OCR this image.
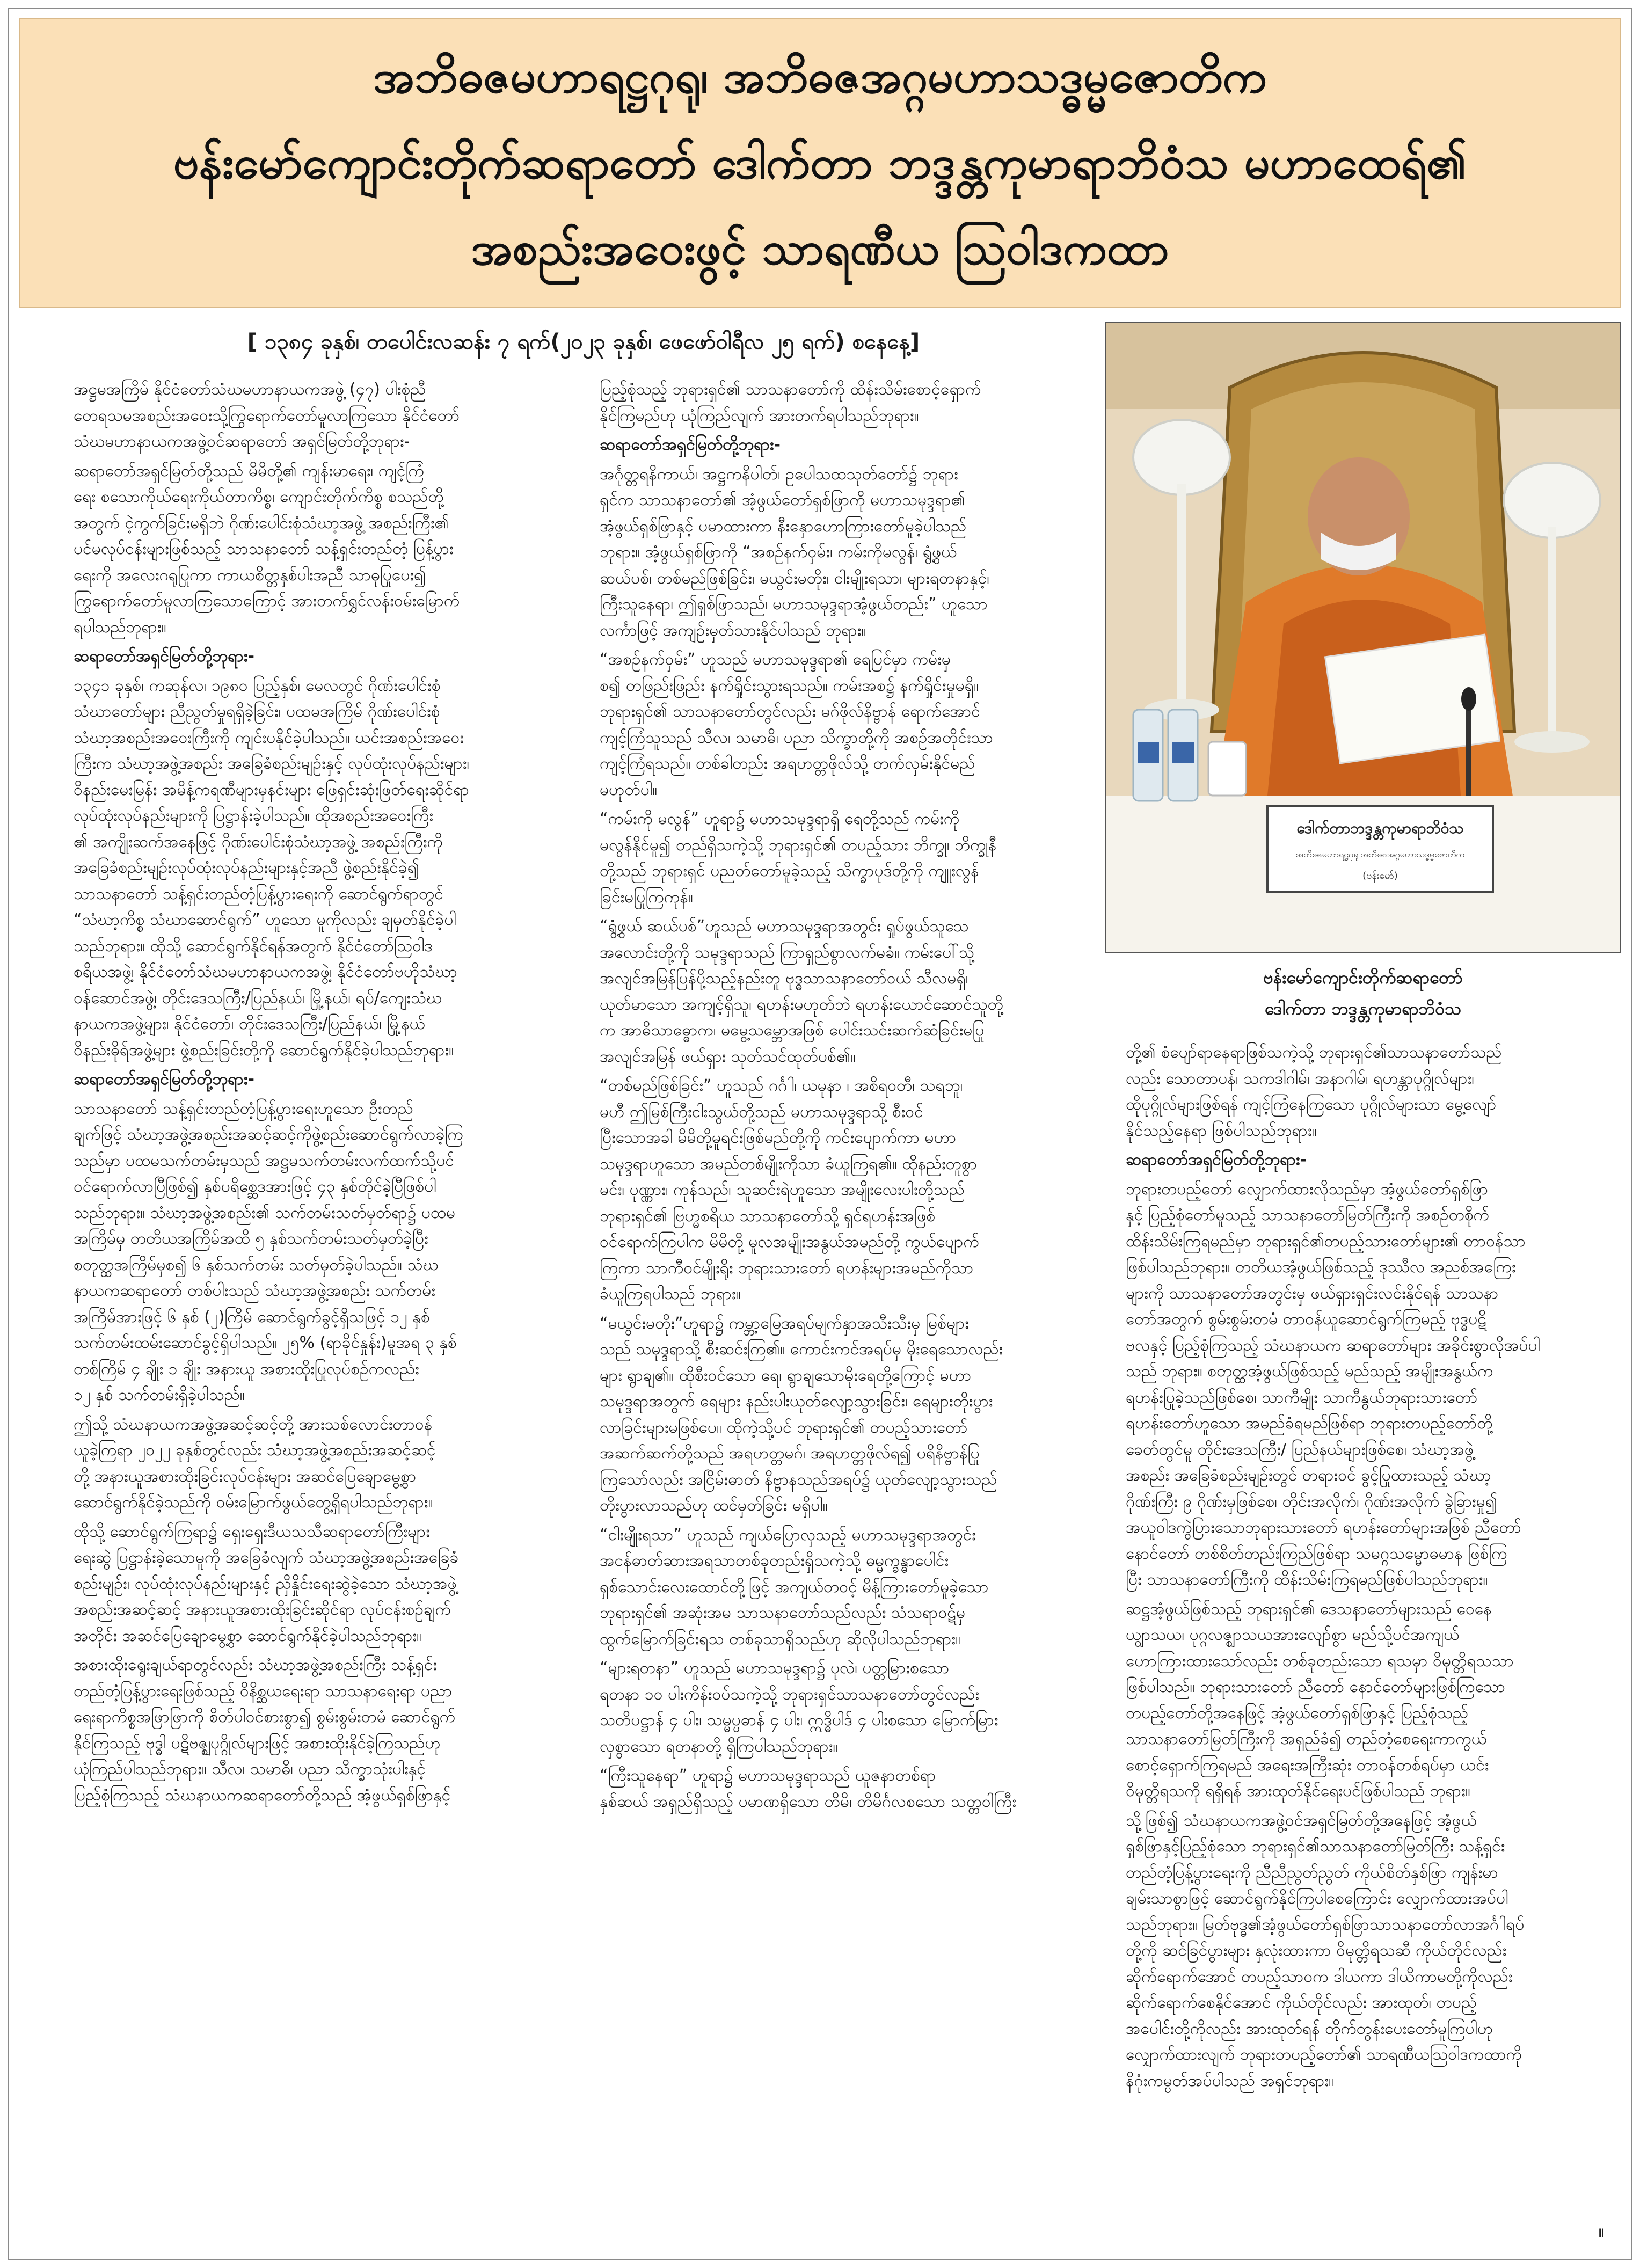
အဘိဓဇမဟာရဋ္ဌဂုရု၊ အဘိဓဇအဂ္ဂမဟာသဒ္ဓမ္မဇောတိက
ဗန်းမော်ကျောင်းတိုက်ဆရာတော် ဒေါက်တာ ဘဒ္ဒန္တကုမာရာဘိဝံသ မဟာထေရ်၏
အစည်းအဝေးဖွင့် သာရဏီယ ဩဝါဒကထာ
[ ၁၃၈၄ ခုနှစ်၊ တပေါင်းလဆန်း ၇ ရက်(၂၀၂၃ ခုနှစ်၊ ဖေဖော်ဝါရီလ ၂၅ ရက်) စနေနေ့]

အဋ္ဌမအကြိမ် နိုင်ငံတော်သံဃမဟာနာယကအဖွဲ့ (၄၇) ပါးစုံညီ
တေရသမအစည်းအဝေးသို့ကြွရောက်တော်မူလာကြသော နိုင်ငံတော်
သံဃမဟာနာယကအဖွဲ့ဝင်ဆရာတော် အရှင်မြတ်တို့ဘုရား-

ဆရာတော်အရှင်မြတ်တို့သည် မိမိတို့၏ ကျန်းမာရေး၊ ကျင့်ကြံ
ရေး စသောကိုယ်ရေးကိုယ်တာကိစ္စ၊ ကျောင်းတိုက်ကိစ္စ စသည်တို့
အတွက် ငဲ့ကွက်ခြင်းမရှိဘဲ ဂိုဏ်းပေါင်းစုံသံဃာ့အဖွဲ့ အစည်းကြီး၏
ပင်မလုပ်ငန်းများဖြစ်သည့် သာသနာတော် သန့်ရှင်းတည်တံ့ ပြန့်ပွား
ရေးကို အလေးဂရုပြုကာ ကာယစိတ္တနှစ်ပါးအညီ သာဓုပြုပေး၍
ကြွရောက်တော်မူလာကြသောကြောင့် အားတက်ရွှင်လန်းဝမ်းမြောက်
ရပါသည်ဘုရား။

ဆရာတော်အရှင်မြတ်တို့ဘုရား-

၁၃၄၁ ခုနှစ်၊ ကဆုန်လ၊ ၁၉၈၀ ပြည့်နှစ်၊ မေလတွင် ဂိုဏ်းပေါင်းစုံ
သံဃာတော်များ ညီညွတ်မှုရရှိခဲ့ခြင်း၊ ပထမအကြိမ် ဂိုဏ်းပေါင်းစုံ
သံဃာ့အစည်းအဝေးကြီးကို ကျင်းပနိုင်ခဲ့ပါသည်။ ယင်းအစည်းအဝေး
ကြီးက သံဃာ့အဖွဲ့အစည်း အခြေခံစည်းမျဉ်းနှင့် လုပ်ထုံးလုပ်နည်းများ၊
ဝိနည်းမေးမြန်း အမိန့်ကရဏီများမှနင်းများ ဖြေရှင်းဆုံးဖြတ်ရေးဆိုင်ရာ
လုပ်ထုံးလုပ်နည်းများကို ပြဋ္ဌာန်းခဲ့ပါသည်။ ထိုအစည်းအဝေးကြီး
၏ အကျိုးဆက်အနေဖြင့် ဂိုဏ်းပေါင်းစုံသံဃာ့အဖွဲ့ အစည်းကြီးကို
အခြေခံစည်းမျဉ်းလုပ်ထုံးလုပ်နည်းများနှင့်အညီ ဖွဲ့စည်းနိုင်ခဲ့၍
သာသနာတော် သန့်ရှင်းတည်တံ့ပြန့်ပွားရေးကို ဆောင်ရွက်ရာတွင်
“သံဃာ့ကိစ္စ သံဃာဆောင်ရွက်” ဟူသော မူကိုလည်း ချမှတ်နိုင်ခဲ့ပါ
သည်ဘုရား။ ထိုသို့ ဆောင်ရွက်နိုင်ရန်အတွက် နိုင်ငံတော်ဩဝါဒ
စရိယအဖွဲ့၊ နိုင်ငံတော်သံဃမဟာနာယကအဖွဲ့၊ နိုင်ငံတော်ဗဟိုသံဃာ့
ဝန်ဆောင်အဖွဲ့၊ တိုင်းဒေသကြီး/ပြည်နယ်၊ မြို့နယ်၊ ရပ်/ကျေးသံဃ
နာယကအဖွဲ့များ၊ နိုင်ငံတော်၊ တိုင်းဒေသကြီး/ပြည်နယ်၊ မြို့နယ်
ဝိနည်းဓိုရ်အဖွဲ့များ ဖွဲ့စည်းခြင်းတို့ကို ဆောင်ရွက်နိုင်ခဲ့ပါသည်ဘုရား။

ဆရာတော်အရှင်မြတ်တို့ဘုရား-

သာသနာတော် သန့်ရှင်းတည်တံ့ပြန့်ပွားရေးဟူသော ဦးတည်
ချက်ဖြင့် သံဃာ့အဖွဲ့အစည်းအဆင့်ဆင့်ကိုဖွဲ့စည်းဆောင်ရွက်လာခဲ့ကြ
သည်မှာ ပထမသက်တမ်းမှသည် အဋ္ဌမသက်တမ်းလက်ထက်သို့ပင်
ဝင်ရောက်လာပြီဖြစ်၍ နှစ်ပရိစ္ဆေဒအားဖြင့် ၄၃ နှစ်တိုင်ခဲ့ပြီဖြစ်ပါ
သည်ဘုရား။ သံဃာ့အဖွဲ့အစည်း၏ သက်တမ်းသတ်မှတ်ရာ၌ ပထမ
အကြိမ်မှ တတိယအကြိမ်အထိ ၅ နှစ်သက်တမ်းသတ်မှတ်ခဲ့ပြီး
စတုတ္ထအကြိမ်မှစ၍ ၆ နှစ်သက်တမ်း သတ်မှတ်ခဲ့ပါသည်။ သံဃ
နာယကဆရာတော် တစ်ပါးသည် သံဃာ့အဖွဲ့အစည်း သက်တမ်း
အကြိမ်အားဖြင့် ၆ နှစ် (၂)ကြိမ် ဆောင်ရွက်ခွင့်ရှိသဖြင့် ၁၂ နှစ်
သက်တမ်းထမ်းဆောင်ခွင့်ရှိပါသည်။ ၂၅% (ရာခိုင်နှုန်း)မူအရ ၃ နှစ်
တစ်ကြိမ် ၄ ချိုး ၁ ချိုး အနားယူ အစားထိုးပြုလုပ်စဉ်ကလည်း
၁၂ နှစ် သက်တမ်းရှိခဲ့ပါသည်။

ဤသို့ သံဃနာယကအဖွဲ့အဆင့်ဆင့်တို့ အားသစ်လောင်းတာဝန်
ယူခဲ့ကြရာ ၂၀၂၂ ခုနှစ်တွင်လည်း သံဃာ့အဖွဲ့အစည်းအဆင့်ဆင့်
တို့ အနားယူအစားထိုးခြင်းလုပ်ငန်းများ အဆင်ပြေချောမွေ့စွာ
ဆောင်ရွက်နိုင်ခဲ့သည်ကို ဝမ်းမြောက်ဖွယ်တွေ့ရှိရပါသည်ဘုရား။

ထိုသို့ ဆောင်ရွက်ကြရာ၌ ရှေးရှေးဒီယသသီဆရာတော်ကြီးများ
ရေးဆွဲ ပြဋ္ဌာန်းခဲ့သောမူကို အခြေခံလျက် သံဃာ့အဖွဲ့အစည်းအခြေခံ
စည်းမျဉ်း၊ လုပ်ထုံးလုပ်နည်းများနှင့် ညှိနှိုင်းရေးဆွဲခဲ့သော သံဃာ့အဖွဲ့
အစည်းအဆင့်ဆင့် အနားယူအစားထိုးခြင်းဆိုင်ရာ လုပ်ငန်းစဉ်ချက်
အတိုင်း အဆင်ပြေချောမွေ့စွာ ဆောင်ရွက်နိုင်ခဲ့ပါသည်ဘုရား။

အစားထိုးရွေးချယ်ရာတွင်လည်း သံဃာ့အဖွဲ့အစည်းကြီး သန့်ရှင်း
တည်တံ့ပြန့်ပွားရေးဖြစ်သည့် ဝိနိစ္ဆယရေးရာ သာသနာရေးရာ ပညာ
ရေးရာကိစ္စအဖြာဖြာကို စိတ်ပါဝင်စားစွာ၍ စွမ်းစွမ်းတမံ ဆောင်ရွက်
နိုင်ကြသည့် ဗုဒ္ဓါ ပဋိဗဇ္ဈပုဂ္ဂိုလ်များဖြင့် အစားထိုးနိုင်ခဲ့ကြသည်ဟု
ယုံကြည်ပါသည်ဘုရား။ သီလ၊ သမာဓိ၊ ပညာ သိက္ခာသုံးပါးနှင့်
ပြည့်စုံကြသည့် သံဃနာယကဆရာတော်တို့သည် အံ့ဖွယ်ရှစ်ဖြာနှင့်

ပြည့်စုံသည့် ဘုရားရှင်၏ သာသနာတော်ကို ထိန်းသိမ်းစောင့်ရှောက်
နိုင်ကြမည်ဟု ယုံကြည်လျက် အားတက်ရပါသည်ဘုရား။

ဆရာတော်အရှင်မြတ်တို့ဘုရား-

အင်္ဂုတ္တရနိကာယ်၊ အဋ္ဌကနိပါတ်၊ ဥပေါသထသုတ်တော်၌ ဘုရား
ရှင်က သာသနာတော်၏ အံ့ဖွယ်တော်ရှစ်ဖြာကို မဟာသမုဒ္ဒရာ၏
အံ့ဖွယ်ရှစ်ဖြာနှင့် ပမာထားကာ နီးနှောဟောကြားတော်မူခဲ့ပါသည်
ဘုရား။ အံ့ဖွယ်ရှစ်ဖြာကို “အစဉ်နက်ဝှမ်း၊ ကမ်းကိုမလွန်၊ ရွံ့ဖွယ်
ဆယ်ပစ်၊ တစ်မည်ဖြစ်ခြင်း၊ မယွင်းမတိုး၊ ငါးမျိုးရသာ၊ များရတနာနှင့်၊
ကြီးသူနေရာ၊ ဤရှစ်ဖြာသည်၊ မဟာသမုဒ္ဒရာအံ့ဖွယ်တည်း” ဟူသော
လင်္ကာဖြင့် အကျဉ်းမှတ်သားနိုင်ပါသည် ဘုရား။

“အစဉ်နက်ဝှမ်း” ဟူသည် မဟာသမုဒ္ဒရာ၏ ရေပြင်မှာ ကမ်းမှ
စ၍ တဖြည်းဖြည်း နက်ရှိုင်းသွားရသည်။ ကမ်းအစ၌ နက်ရှိုင်းမှုမရှိ။
ဘုရားရှင်၏ သာသနာတော်တွင်လည်း မဂ်ဖိုလ်နိဗ္ဗာန် ရောက်အောင်
ကျင့်ကြံသူသည် သီလ၊ သမာဓိ၊ ပညာ သိက္ခာတို့ကို အစဉ်အတိုင်းသာ
ကျင့်ကြံရသည်။ တစ်ခါတည်း အရဟတ္တဖိုလ်သို့ တက်လှမ်းနိုင်မည်
မဟုတ်ပါ။

“ကမ်းကို မလွန်” ဟူရာ၌ မဟာသမုဒ္ဒရာရှိ ရေတို့သည် ကမ်းကို
မလွန်နိုင်မူ၍ တည်ရှိသကဲ့သို့ ဘုရားရှင်၏ တပည့်သား ဘိက္ခု၊ ဘိက္ခုနီ
တို့သည် ဘုရားရှင် ပညတ်တော်မူခဲ့သည့် သိက္ခာပုဒ်တို့ကို ကျူးလွန်
ခြင်းမပြုကြကုန်။

“ရွံ့ဖွယ် ဆယ်ပစ်”ဟူသည် မဟာသမုဒ္ဒရာအတွင်း ရှုပ်ဖွယ်သူသေ
အလောင်းတို့ကို သမုဒ္ဒရာသည် ကြာရှည်စွာလက်မခံ။ ကမ်းပေါ်သို့
အလျင်အမြန်ပြန်ပို့သည့်နည်းတူ ဗုဒ္ဓသာသနာတော်ဝယ် သီလမရှိ၊
ယုတ်မာသော အကျင့်ရှိသူ၊ ရဟန်းမဟုတ်ဘဲ ရဟန်းယောင်ဆောင်သူတို့
က အာဓိသာဓ္ဓောက၊ မမွေ့သမ္ဘောအဖြစ် ပေါင်းသင်းဆက်ဆံခြင်းမပြု
အလျင်အမြန် ဖယ်ရှား သုတ်သင်ထုတ်ပစ်၏။

“တစ်မည်ဖြစ်ခြင်း” ဟူသည် ဂင်္ဂါ၊ ယမုနာ ၊ အစိရဝတီ၊ သရဘူ၊
မဟီ ဤမြစ်ကြီးငါးသွယ်တို့သည် မဟာသမုဒ္ဒရာသို့ စီးဝင်
ပြီးသောအခါ မိမိတို့မူရင်းဖြစ်မည်တို့ကို ကင်းပျောက်ကာ မဟာ
သမုဒ္ဒရာဟူသော အမည်တစ်မျိုးကိုသာ ခံယူကြရ၏။ ထိုနည်းတူစွာ
မင်း၊ ပုဏ္ဏား၊ ကုန်သည်၊ သူဆင်းရဲဟူသော အမျိုးလေးပါးတို့သည်
ဘုရားရှင်၏ ဗြဟ္မစရိယ သာသနာတော်သို့ ရှင်ရဟန်းအဖြစ်
ဝင်ရောက်ကြပါက မိမိတို့ မူလအမျိုးအနွယ်အမည်တို့ ကွယ်ပျောက်
ကြကာ သာကီဝင်မျိုးရိုး ဘုရားသားတော် ရဟန်းများအမည်ကိုသာ
ခံယူကြရပါသည် ဘုရား။

“မယွင်းမတိုး”ဟူရာ၌ ကမ္ဘာ့မြေအရပ်မျက်နှာအသီးသီးမှ မြစ်များ
သည် သမုဒ္ဒရာသို့ စီးဆင်းကြ၏။ ကောင်းကင်အရပ်မှ မိုးရေသောလည်း
များ ရွာချ၏။ ထိုစီးဝင်သော ရေ၊ ရွာချသောမိုးရေတို့ကြောင့် မဟာ
သမုဒ္ဒရာအတွက် ရေများ နည်းပါးယုတ်လျော့သွားခြင်း၊ ရေများတိုးပွား
လာခြင်းများမဖြစ်ပေ။ ထိုကဲ့သို့ပင် ဘုရားရှင်၏ တပည့်သားတော်
အဆက်ဆက်တို့သည် အရဟတ္တမဂ်၊ အရဟတ္တဖိုလ်ရ၍ ပရိနိဗ္ဗာန်ပြု
ကြသော်လည်း အငြိမ်းဓာတ် နိဗ္ဗာနသည်အရပ်၌ ယုတ်လျော့သွားသည်
တိုးပွားလာသည်ဟု ထင်မှတ်ခြင်း မရှိပါ။

“ငါးမျိုးရသာ” ဟူသည် ကျယ်ပြောလှသည့် မဟာသမုဒ္ဒရာအတွင်း
အငန်ဓာတ်ဆားအရသာတစ်ခုတည်းရှိသကဲ့သို့ ဓမ္မက္ခန္ဓာပေါင်း
ရှစ်သောင်းလေးထောင်တို့ဖြင့် အကျယ်တဝင့် မိန့်ကြားတော်မူခဲ့သော
ဘုရားရှင်၏ အဆုံးအမ သာသနာတော်သည်လည်း သံသရာဝဋ်မှ
ထွက်မြောက်ခြင်းရသ တစ်ခုသာရှိသည်ဟု ဆိုလိုပါသည်ဘုရား။

“များရတနာ” ဟူသည် မဟာသမုဒ္ဒရာ၌ ပုလဲ၊ ပတ္တမြားစသော
ရတနာ ၁၀ ပါးကိန်းဝပ်သကဲ့သို့ ဘုရားရှင်သာသနာတော်တွင်လည်း
သတိပဋ္ဌာန် ၄ ပါး၊ သမ္မပ္ပဓာန် ၄ ပါး၊ ဣဒ္ဓိပါဒ် ၄ ပါးစသော မြောက်မြား
လှစွာသော ရတနာတို့ ရှိကြပါသည်ဘုရား။

“ကြီးသူနေရာ” ဟူရာ၌ မဟာသမုဒ္ဒရာသည် ယူဇနာတစ်ရာ
နှစ်ဆယ် အရှည်ရှိသည့် ပမာဏရှိသော တိမိ၊ တိမိင်္ဂလစသော သတ္တဝါကြီး

ဒေါက်တာဘဒ္ဒန္တကုမာရာဘိဝံသ
အဘိဓဇမဟာရဋ္ဌဂုရု အဘိဓဇအဂ္ဂမဟာသဒ္ဓမ္မဇောတိက
(ဗန်းမော်)
ဗန်းမော်ကျောင်းတိုက်ဆရာတော်
ဒေါက်တာ ဘဒ္ဒန္တကုမာရာဘိဝံသ

တို့၏ စံပျော်ရာနေရာဖြစ်သကဲ့သို့ ဘုရားရှင်၏သာသနာတော်သည်
လည်း သောတာပန်၊ သကဒါဂါမ်၊ အနာဂါမ်၊ ရဟန္တာပုဂ္ဂိုလ်များ၊
ထိုပုဂ္ဂိုလ်များဖြစ်ရန် ကျင့်ကြံနေကြသော ပုဂ္ဂိုလ်များသာ မွေ့လျော်
နိုင်သည့်နေရာ ဖြစ်ပါသည်ဘုရား။

ဆရာတော်အရှင်မြတ်တို့ဘုရား-

ဘုရားတပည့်တော် လျှောက်ထားလိုသည်မှာ အံ့ဖွယ်တော်ရှစ်ဖြာ
နှင့် ပြည့်စုံတော်မူသည့် သာသနာတော်မြတ်ကြီးကို အစဉ်တစိုက်
ထိန်းသိမ်းကြရမည်မှာ ဘုရားရှင်၏တပည့်သားတော်များ၏ တာဝန်သာ
ဖြစ်ပါသည်ဘုရား။ တတိယအံ့ဖွယ်ဖြစ်သည့် ဒုဿီလ အညစ်အကြေး
များကို သာသနာတော်အတွင်းမှ ဖယ်ရှားရှင်းလင်းနိုင်ရန် သာသနာ
တော်အတွက် စွမ်းစွမ်းတမံ တာဝန်ယူဆောင်ရွက်ကြမည့် ဗုဒ္ဓပဋိ
ဗလနှင့် ပြည့်စုံကြသည့် သံဃနာယက ဆရာတော်များ အခိုင်းစွာလိုအပ်ပါ
သည် ဘုရား။ စတုတ္ထအံ့ဖွယ်ဖြစ်သည့် မည်သည့် အမျိုးအနွယ်က
ရဟန်းပြုခဲ့သည်ဖြစ်စေ၊ သာကီမျိုး သာကီနွယ်ဘုရားသားတော်
ရဟန်းတော်ဟူသော အမည်ခံရမည်ဖြစ်ရာ ဘုရားတပည့်တော်တို့
ခေတ်တွင်မူ တိုင်းဒေသကြီး/ ပြည်နယ်များဖြစ်စေ၊ သံဃာ့အဖွဲ့
အစည်း အခြေခံစည်းမျဉ်းတွင် တရားဝင် ခွင့်ပြုထားသည့် သံဃာ့
ဂိုဏ်းကြီး ၉ ဂိုဏ်းမှဖြစ်စေ၊ တိုင်းအလိုက်၊ ဂိုဏ်းအလိုက် ခွဲခြားမှု၍
အယူဝါဒကွဲပြားသောဘုရားသားတော် ရဟန်းတော်များအဖြစ် ညီတော်
နောင်တော် တစ်စိတ်တည်းကြည်ဖြစ်ရာ သမဂ္ဂသမ္မောဓမာန ဖြစ်ကြ
ပြီး သာသနာတော်ကြီးကို ထိန်းသိမ်းကြရမည်ဖြစ်ပါသည်ဘုရား။

ဆဋ္ဌအံ့ဖွယ်ဖြစ်သည့် ဘုရားရှင်၏ ဒေသနာတော်များသည် ဝေနေ
ယျွာသယ၊ ပုဂ္ဂလဇ္ဈာသယအားလျော်စွာ မည်သို့ပင်အကျယ်
ဟောကြားထားသော်လည်း တစ်ခုတည်းသော ရသမှာ ဝိမုတ္တိရသသာ
ဖြစ်ပါသည်။ ဘုရားသားတော် ညီတော် နောင်တော်များဖြစ်ကြသော
တပည့်တော်တို့အနေဖြင့် အံ့ဖွယ်တော်ရှစ်ဖြာနှင့် ပြည့်စုံသည့်
သာသနာတော်မြတ်ကြီးကို အရှည်ခံ၍ တည်တံ့စေရေးကာကွယ်
စောင့်ရှောက်ကြရမည် အရေးအကြီးဆုံး တာဝန်တစ်ရပ်မှာ ယင်း
ဝိမုတ္တိရသကို ရရှိရန် အားထုတ်နိုင်ရေးပင်ဖြစ်ပါသည် ဘုရား။

သို့ဖြစ်၍ သံဃနာယကအဖွဲ့ဝင်အရှင်မြတ်တို့အနေဖြင့် အံ့ဖွယ်
ရှစ်ဖြာနှင့်ပြည့်စုံသော ဘုရားရှင်၏သာသနာတော်မြတ်ကြီး သန့်ရှင်း
တည်တံ့ပြန့်ပွားရေးကို ညီညီညွတ်ညွတ် ကိုယ်စိတ်နှစ်ဖြာ ကျန်းမာ
ချမ်းသာစွာဖြင့် ဆောင်ရွက်နိုင်ကြပါစေကြောင်း လျှောက်ထားအပ်ပါ
သည်ဘုရား။ မြတ်ဗုဒ္ဓ၏အံ့ဖွယ်တော်ရှစ်ဖြာသာသနာတော်လာအင်္ဂါရပ်
တို့ကို ဆင်ခြင်ပွားများ နှလုံးထားကာ ဝိမုတ္တိရသဆီ ကိုယ်တိုင်လည်း
ဆိုက်ရောက်အောင် တပည့်သာဝက ဒါယကာ ဒါယိကာမတို့ကိုလည်း
ဆိုက်ရောက်စေနိုင်အောင် ကိုယ်တိုင်လည်း အားထုတ်၊ တပည့်
အပေါင်းတို့ကိုလည်း အားထုတ်ရန် တိုက်တွန်းပေးတော်မူကြပါဟု
လျှောက်ထားလျက် ဘုရားတပည့်တော်၏ သာရဏီယဩဝါဒကထာကို
နိဂုံးကမ္ပတ်အပ်ပါသည် အရှင်ဘုရား။

။
